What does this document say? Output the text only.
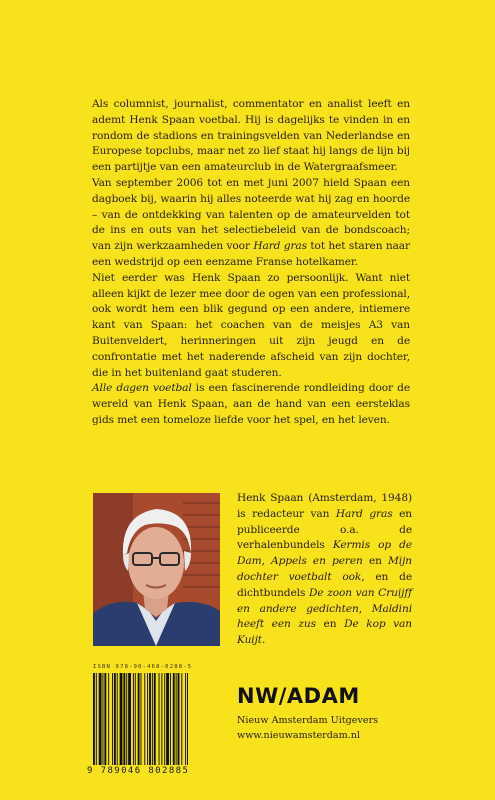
Als columnist, journalist, commentator en analist leeft en ademt Henk Spaan voetbal. Hij is dagelijks te vinden in en rondom de stadions en trainingsvelden van Nederlandse en Europese topclubs, maar net zo lief staat hij langs de lijn bij een partijtje van een amateurclub in de Watergraafsmeer.

Van september 2006 tot en met juni 2007 hield Spaan een dagboek bij, waarin hij alles noteerde wat hij zag en hoorde – van de ontdekking van talenten op de amateurvelden tot de ins en outs van het selectiebeleid van de bondscoach; van zijn werkzaamheden voor Hard gras tot het staren naar een wedstrijd op een eenzame Franse hotelkamer.

Niet eerder was Henk Spaan zo persoonlijk. Want niet alleen kijkt de lezer mee door de ogen van een professional, ook wordt hem een blik gegund op een andere, intiemere kant van Spaan: het coachen van de meisjes A3 van Buitenveldert, herinneringen uit zijn jeugd en de confrontatie met het naderende afscheid van zijn dochter, die in het buitenland gaat studeren.

Alle dagen voetbal is een fascinerende rondleiding door de wereld van Henk Spaan, aan de hand van een eersteklas gids met een tomeloze liefde voor het spel, en het leven.

Henk Spaan (Amsterdam, 1948) is redacteur van Hard gras en publiceerde o.a. de verhalenbundels Kermis op de Dam, Appels en peren en Mijn dochter voetbalt ook, en de dichtbundels De zoon van Cruijff en andere gedichten, Maldini heeft een zus en De kop van Kuijt.
ISBN 978-90-468-0288-5
9 789046 802885
NW/ADAM
Nieuw Amsterdam Uitgevers
www.nieuwamsterdam.nl
